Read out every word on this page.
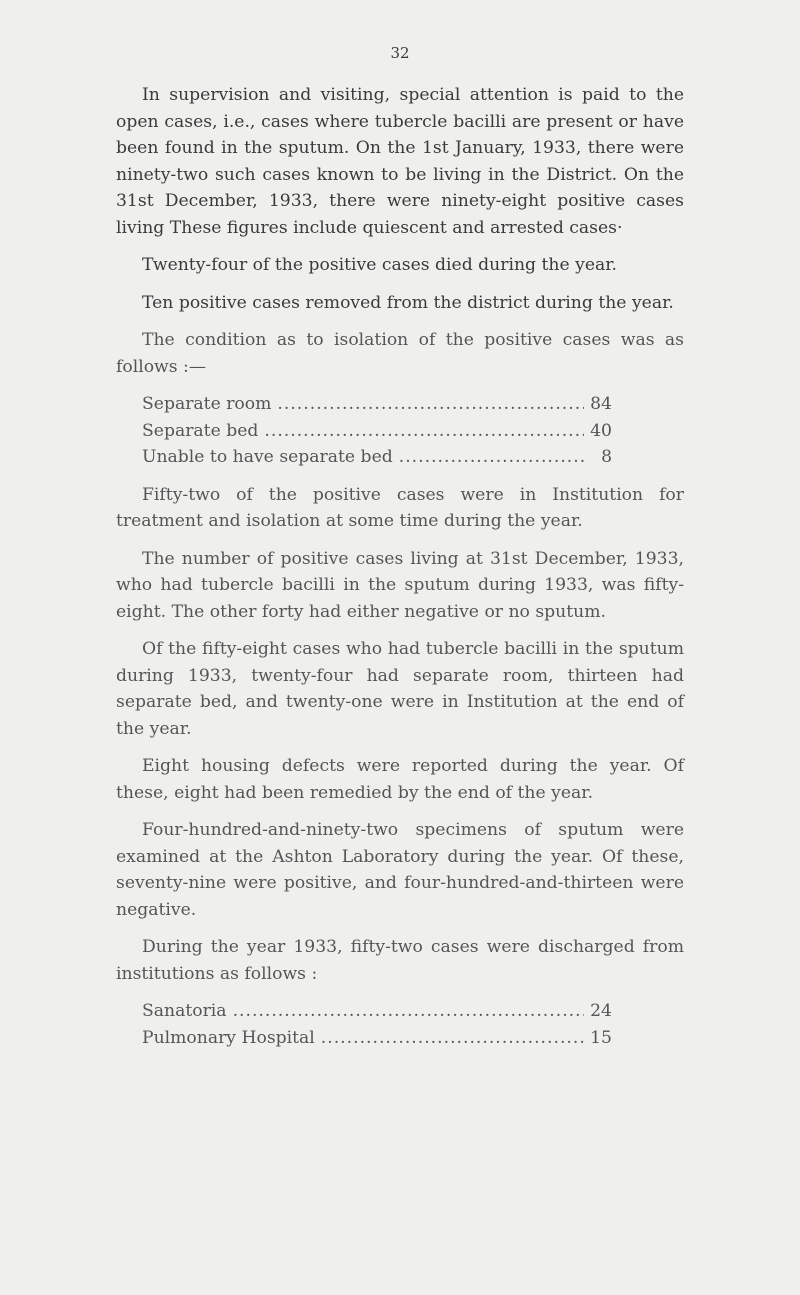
32

In supervision and visiting, special attention is paid to the open cases, i.e., cases where tubercle bacilli are present or have been found in the sputum. On the 1st January, 1933, there were ninety-two such cases known to be living in the District. On the 31st December, 1933, there were ninety-eight positive cases living These figures include quiescent and arrested cases·

Twenty-four of the positive cases died during the year.

Ten positive cases removed from the district during the year.

The condition as to isolation of the positive cases was as follows :—

Separate room .....	84
Separate bed .....	40
Unable to have separate bed .....	8

Fifty-two of the positive cases were in Institution for treatment and isolation at some time during the year.

The number of positive cases living at 31st December, 1933, who had tubercle bacilli in the sputum during 1933, was fifty-eight. The other forty had either negative or no sputum.

Of the fifty-eight cases who had tubercle bacilli in the sputum during 1933, twenty-four had separate room, thirteen had separate bed, and twenty-one were in Institution at the end of the year.

Eight housing defects were reported during the year. Of these, eight had been remedied by the end of the year.

Four-hundred-and-ninety-two specimens of sputum were examined at the Ashton Laboratory during the year. Of these, seventy-nine were positive, and four-hundred-and-thirteen were negative.

During the year 1933, fifty-two cases were discharged from institutions as follows :

Sanatoria .....	24
Pulmonary Hospital .....	15
